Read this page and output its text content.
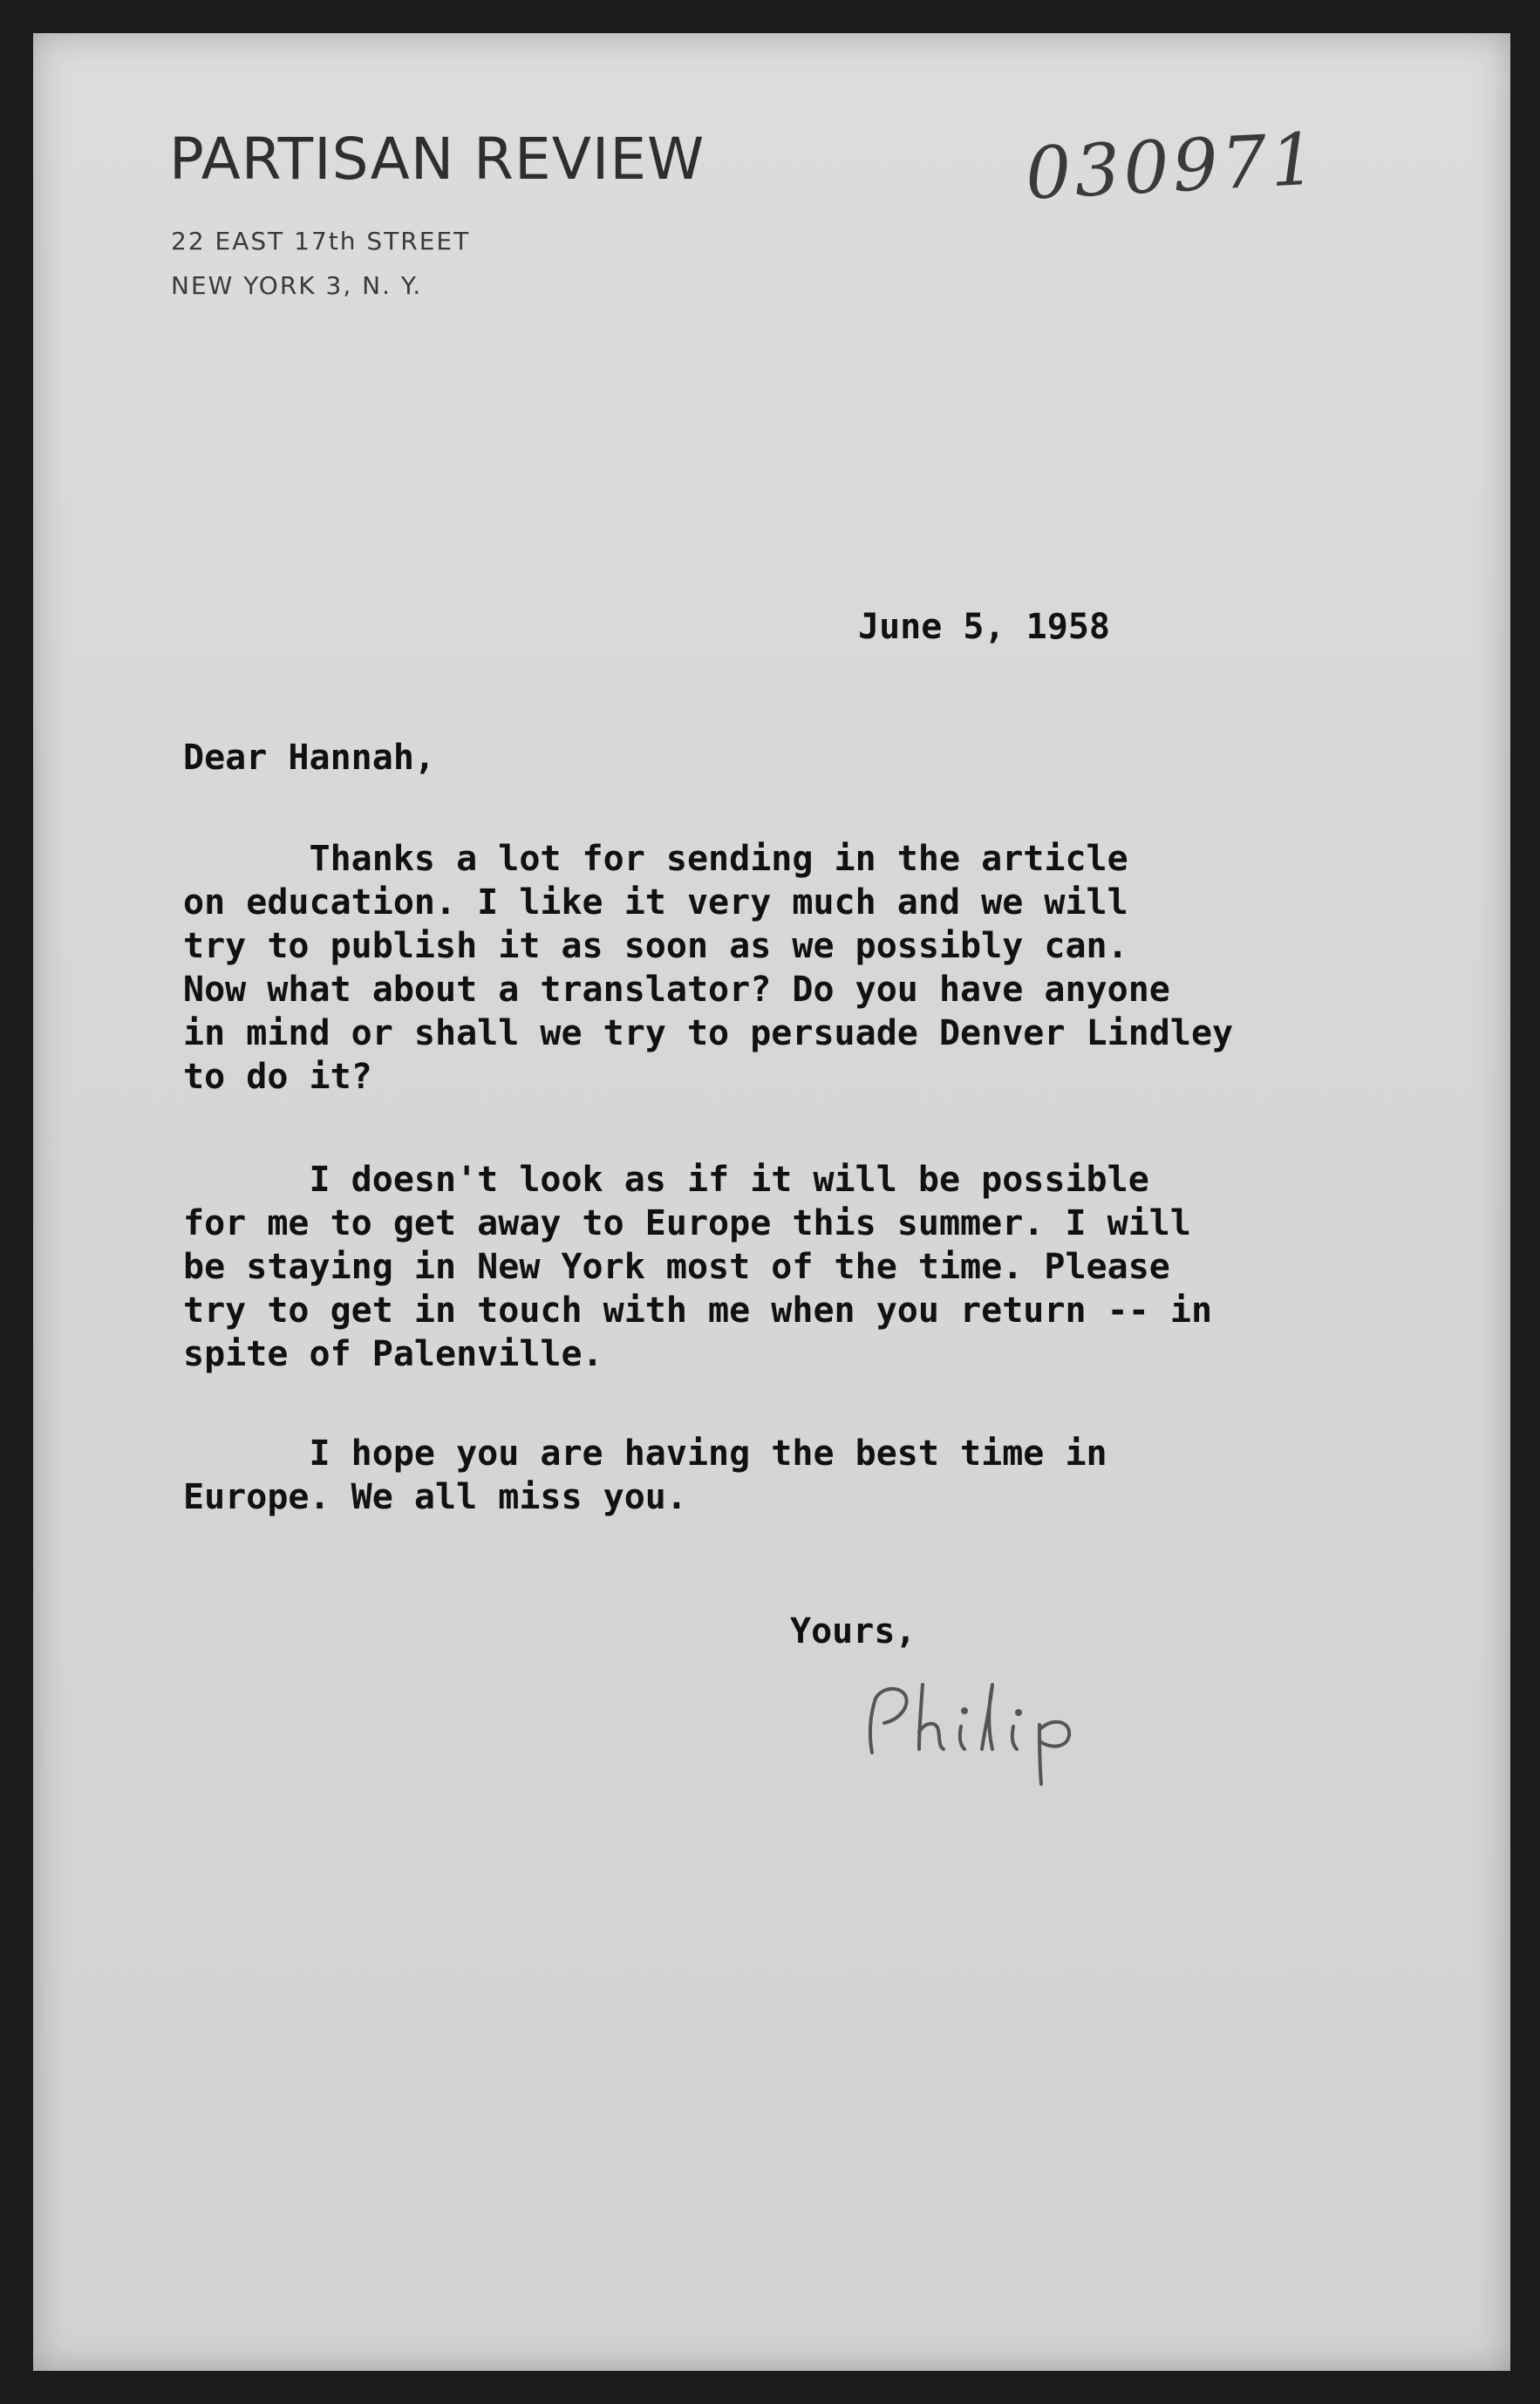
PARTISAN REVIEW
22 EAST 17th STREET
NEW YORK 3, N. Y.
030971
June 5, 1958
Dear Hannah,
Thanks a lot for sending in the article
on education. I like it very much and we will
try to publish it as soon as we possibly can.
Now what about a translator? Do you have anyone
in mind or shall we try to persuade Denver Lindley
to do it?
I doesn't look as if it will be possible
for me to get away to Europe this summer. I will
be staying in New York most of the time. Please
try to get in touch with me when you return -- in
spite of Palenville.
I hope you are having the best time in
Europe. We all miss you.
Yours,
